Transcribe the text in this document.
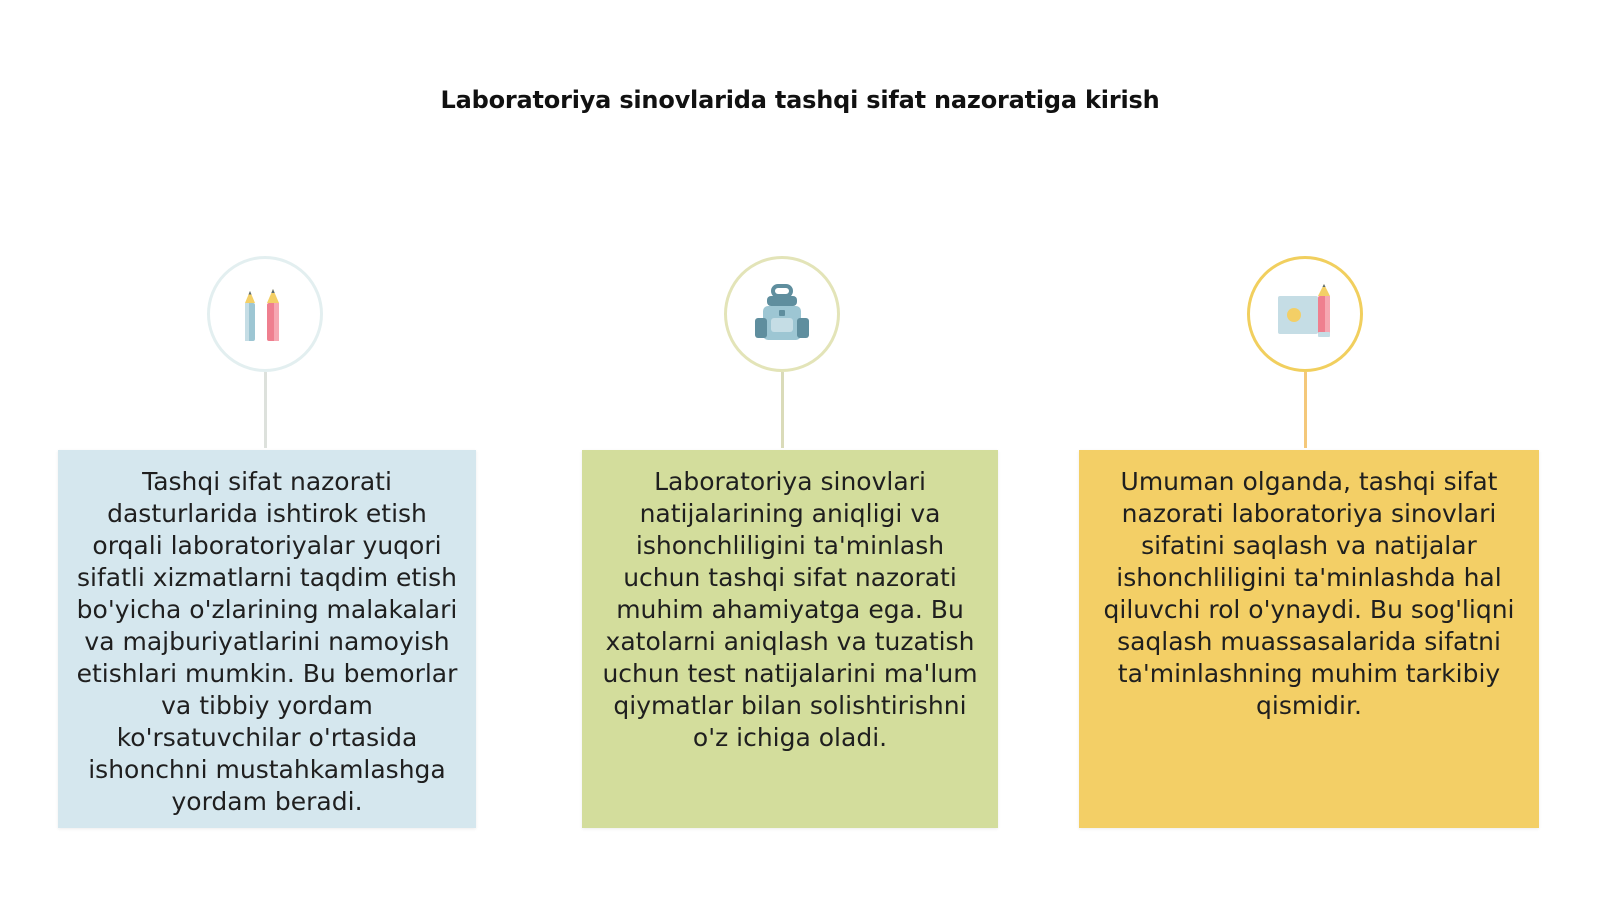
Laboratoriya sinovlarida tashqi sifat nazoratiga kirish

Tashqi sifat nazorati dasturlarida ishtirok etish orqali laboratoriyalar yuqori sifatli xizmatlarni taqdim etish bo'yicha o'zlarining malakalari va majburiyatlarini namoyish etishlari mumkin. Bu bemorlar va tibbiy yordam ko'rsatuvchilar o'rtasida ishonchni mustahkamlashga yordam beradi.

Laboratoriya sinovlari natijalarining aniqligi va ishonchliligini ta'minlash uchun tashqi sifat nazorati muhim ahamiyatga ega. Bu xatolarni aniqlash va tuzatish uchun test natijalarini ma'lum qiymatlar bilan solishtirishni o'z ichiga oladi.

Umuman olganda, tashqi sifat nazorati laboratoriya sinovlari sifatini saqlash va natijalar ishonchliligini ta'minlashda hal qiluvchi rol o'ynaydi. Bu sog'liqni saqlash muassasalarida sifatni ta'minlashning muhim tarkibiy qismidir.
